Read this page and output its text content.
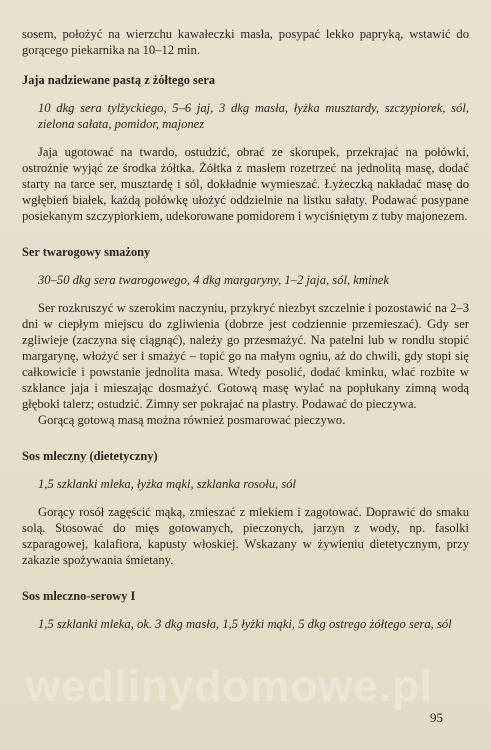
sosem, położyć na wierzchu kawałeczki masła, posypać lekko papryką, wstawić do gorącego piekarnika na 10–12 min.

Jaja nadziewane pastą z żółtego sera

10 dkg sera tylżyckiego, 5–6 jaj, 3 dkg masła, łyżka musztardy, szczypiorek, sól, zielona sałata, pomidor, majonez

Jaja ugotować na twardo, ostudzić, obrać ze skorupek, przekrajać na połówki, ostrożnie wyjąć ze środka żółtka. Żółtka z masłem rozetrzeć na jednolitą masę, dodać starty na tarce ser, musztardę i sól, dokładnie wymieszać. Łyżeczką nakładać masę do wgłębień białek, każdą połówkę ułożyć oddzielnie na listku sałaty. Podawać posypane posiekanym szczypiorkiem, udekorowane pomidorem i wyciśniętym z tuby majonezem.

Ser twarogowy smażony

30–50 dkg sera twarogowego, 4 dkg margaryny, 1–2 jaja, sól, kminek

Ser rozkruszyć w szerokim naczyniu, przykryć niezbyt szczelnie i pozostawić na 2–3 dni w ciepłym miejscu do zgliwienia (dobrze jest codziennie przemieszać). Gdy ser zgliwieje (zaczyna się ciągnąć), należy go przesmażyć. Na patelni lub w rondlu stopić margarynę, włożyć ser i smażyć – topić go na małym ogniu, aż do chwili, gdy stopi się całkowicie i powstanie jednolita masa. Wtedy posolić, dodać kminku, wlać rozbite w szklance jaja i mieszając dosmażyć. Gotową masę wylać na popłukany zimną wodą głęboki talerz; ostudzić. Zimny ser pokrajać na plastry. Podawać do pieczywa.

Gorącą gotową masą można również posmarować pieczywo.

Sos mleczny (dietetyczny)

1,5 szklanki mleka, łyżka mąki, szklanka rosołu, sól

Gorący rosół zagęścić mąką, zmieszać z mlekiem i zagotować. Doprawić do smaku solą. Stosować do mięs gotowanych, pieczonych, jarzyn z wody, np. fasolki szparagowej, kalafiora, kapusty włoskiej. Wskazany w żywieniu dietetycznym, przy zakazie spożywania śmietany.

Sos mleczno-serowy I

1,5 szklanki mleka, ok. 3 dkg masła, 1,5 łyżki mąki, 5 dkg ostrego żółtego sera, sól

wedlinydomowe.pl
95
